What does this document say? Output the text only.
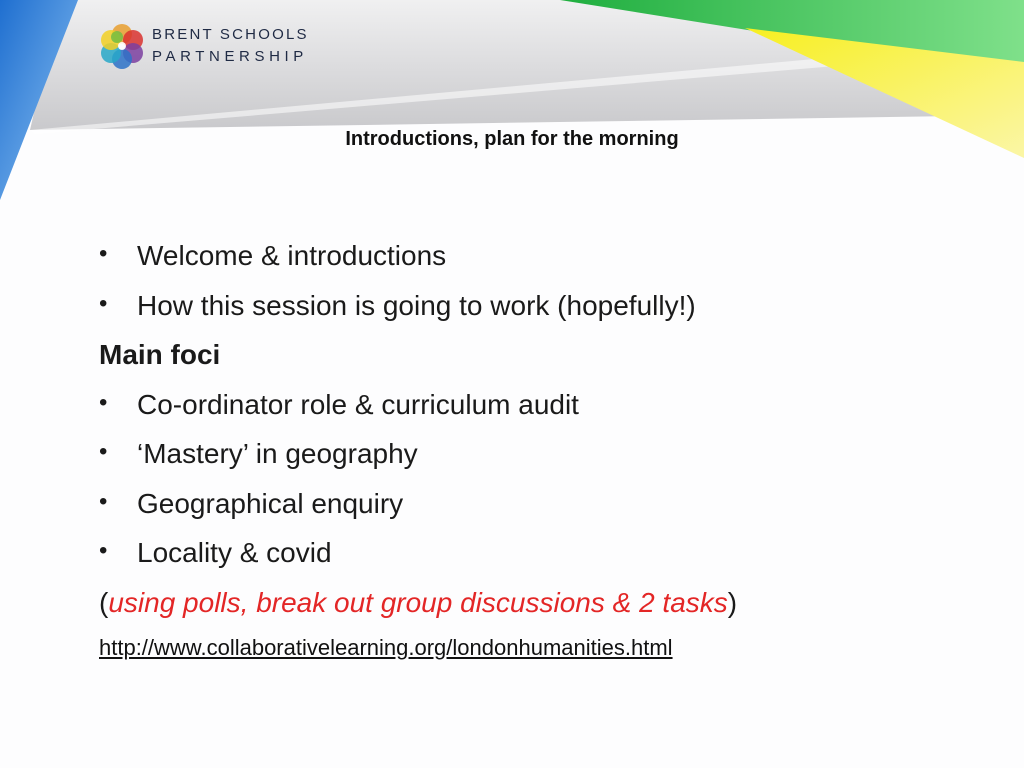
BRENT SCHOOLS
PARTNERSHIP
Introductions, plan for the morning
•	Welcome & introductions
•	How this session is going to work (hopefully!)
Main foci
•	Co-ordinator role & curriculum audit
•	‘Mastery’ in geography
•	Geographical enquiry
•	Locality & covid
(using polls, break out group discussions & 2 tasks)
http://www.collaborativelearning.org/londonhumanities.html
